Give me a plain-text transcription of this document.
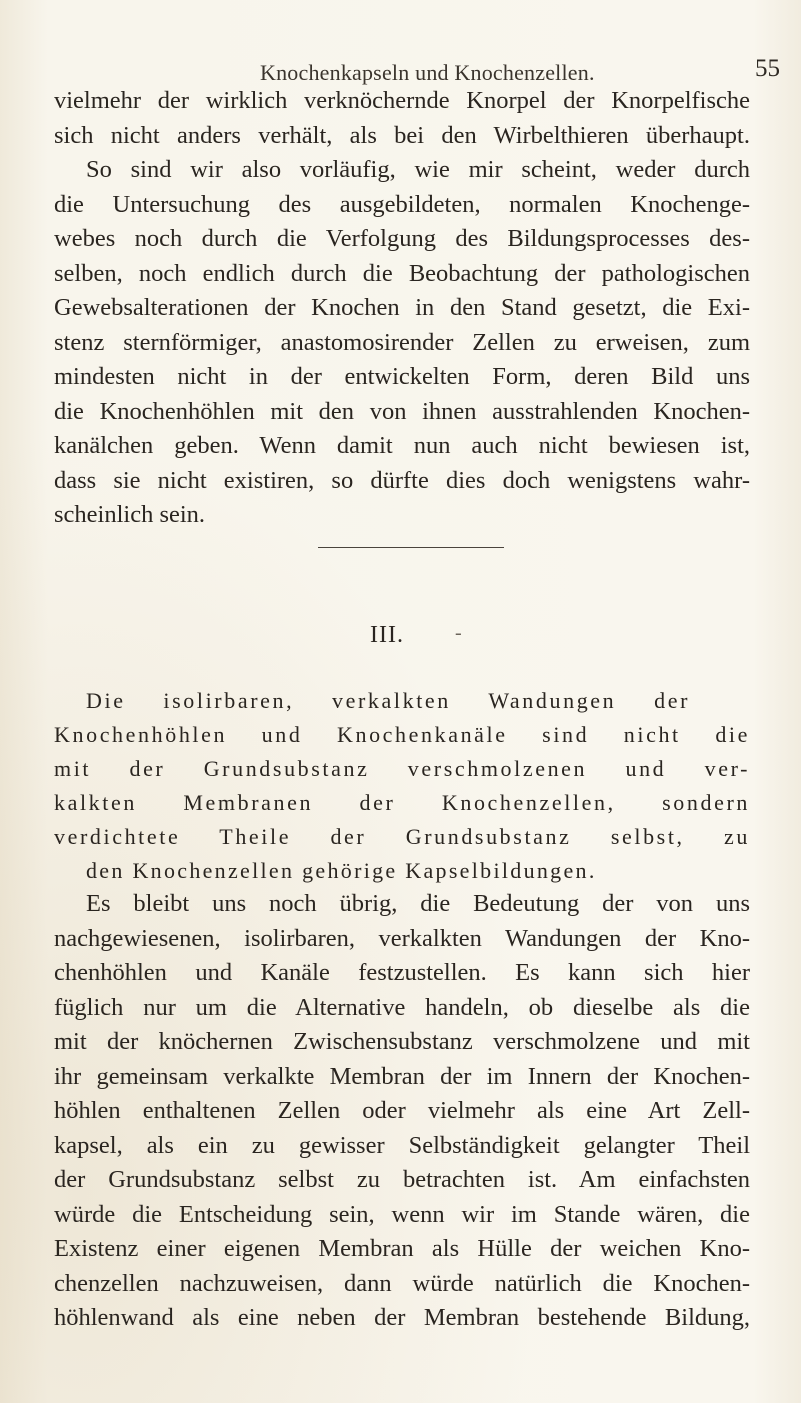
Knochenkapseln und Knochenzellen.	55
vielmehr der wirklich verknöchernde Knorpel der Knorpelfische
sich nicht anders verhält, als bei den Wirbelthieren überhaupt.
So sind wir also vorläufig, wie mir scheint, weder durch
die Untersuchung des ausgebildeten, normalen Knochenge-
webes noch durch die Verfolgung des Bildungsprocesses des-
selben, noch endlich durch die Beobachtung der pathologischen
Gewebsalterationen der Knochen in den Stand gesetzt, die Exi-
stenz sternförmiger, anastomosirender Zellen zu erweisen, zum
mindesten nicht in der entwickelten Form, deren Bild uns
die Knochenhöhlen mit den von ihnen ausstrahlenden Knochen-
kanälchen geben. Wenn damit nun auch nicht bewiesen ist,
dass sie nicht existiren, so dürfte dies doch wenigstens wahr-
scheinlich sein.
III.	-
Die isolirbaren, verkalkten Wandungen der
Knochenhöhlen und Knochenkanäle sind nicht die
mit der Grundsubstanz verschmolzenen und ver-
kalkten Membranen der Knochenzellen, sondern
verdichtete Theile der Grundsubstanz selbst, zu
den Knochenzellen gehörige Kapselbildungen.
Es bleibt uns noch übrig, die Bedeutung der von uns
nachgewiesenen, isolirbaren, verkalkten Wandungen der Kno-
chenhöhlen und Kanäle festzustellen. Es kann sich hier
füglich nur um die Alternative handeln, ob dieselbe als die
mit der knöchernen Zwischensubstanz verschmolzene und mit
ihr gemeinsam verkalkte Membran der im Innern der Knochen-
höhlen enthaltenen Zellen oder vielmehr als eine Art Zell-
kapsel, als ein zu gewisser Selbständigkeit gelangter Theil
der Grundsubstanz selbst zu betrachten ist. Am einfachsten
würde die Entscheidung sein, wenn wir im Stande wären, die
Existenz einer eigenen Membran als Hülle der weichen Kno-
chenzellen nachzuweisen, dann würde natürlich die Knochen-
höhlenwand als eine neben der Membran bestehende Bildung,
